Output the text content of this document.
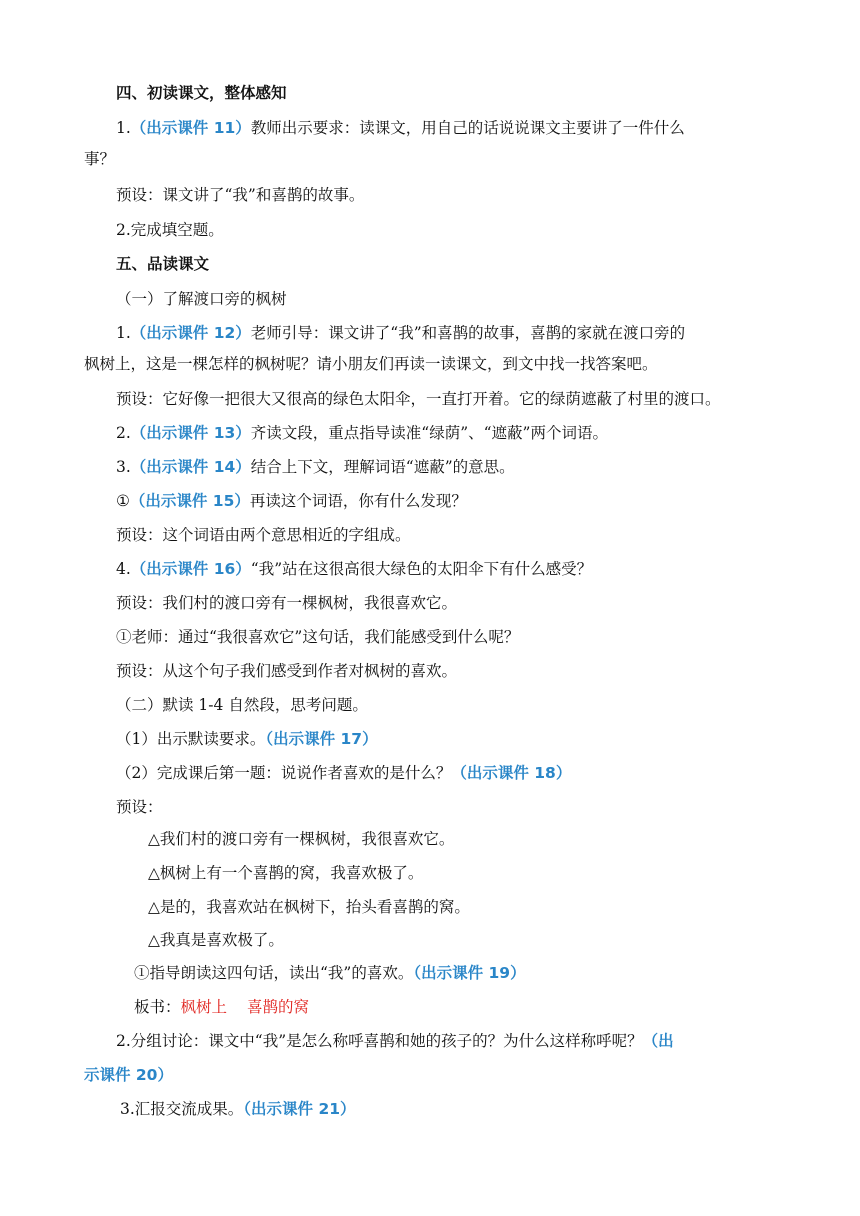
四、初读课文，整体感知
1.（出示课件 11）教师出示要求：读课文，用自己的话说说课文主要讲了一件什么
事？
预设：课文讲了“我”和喜鹊的故事。
2.完成填空题。
五、品读课文
（一）了解渡口旁的枫树
1.（出示课件 12）老师引导：课文讲了“我”和喜鹊的故事，喜鹊的家就在渡口旁的
枫树上，这是一棵怎样的枫树呢？请小朋友们再读一读课文，到文中找一找答案吧。
预设：它好像一把很大又很高的绿色太阳伞，一直打开着。它的绿荫遮蔽了村里的渡口。
2.（出示课件 13）齐读文段，重点指导读准“绿荫”、“遮蔽”两个词语。
3.（出示课件 14）结合上下文，理解词语“遮蔽”的意思。
①（出示课件 15）再读这个词语，你有什么发现？
预设：这个词语由两个意思相近的字组成。
4.（出示课件 16）“我”站在这很高很大绿色的太阳伞下有什么感受？
预设：我们村的渡口旁有一棵枫树，我很喜欢它。
①老师：通过“我很喜欢它”这句话，我们能感受到什么呢？
预设：从这个句子我们感受到作者对枫树的喜欢。
（二）默读 1-4 自然段，思考问题。
（1）出示默读要求。（出示课件 17）
（2）完成课后第一题：说说作者喜欢的是什么？（出示课件 18）
预设：
△我们村的渡口旁有一棵枫树，我很喜欢它。
△枫树上有一个喜鹊的窝，我喜欢极了。
△是的，我喜欢站在枫树下，抬头看喜鹊的窝。
△我真是喜欢极了。
①指导朗读这四句话，读出“我”的喜欢。（出示课件 19）
板书：枫树上 喜鹊的窝
2.分组讨论：课文中“我”是怎么称呼喜鹊和她的孩子的？为什么这样称呼呢？（出
示课件 20）
3.汇报交流成果。（出示课件 21）
